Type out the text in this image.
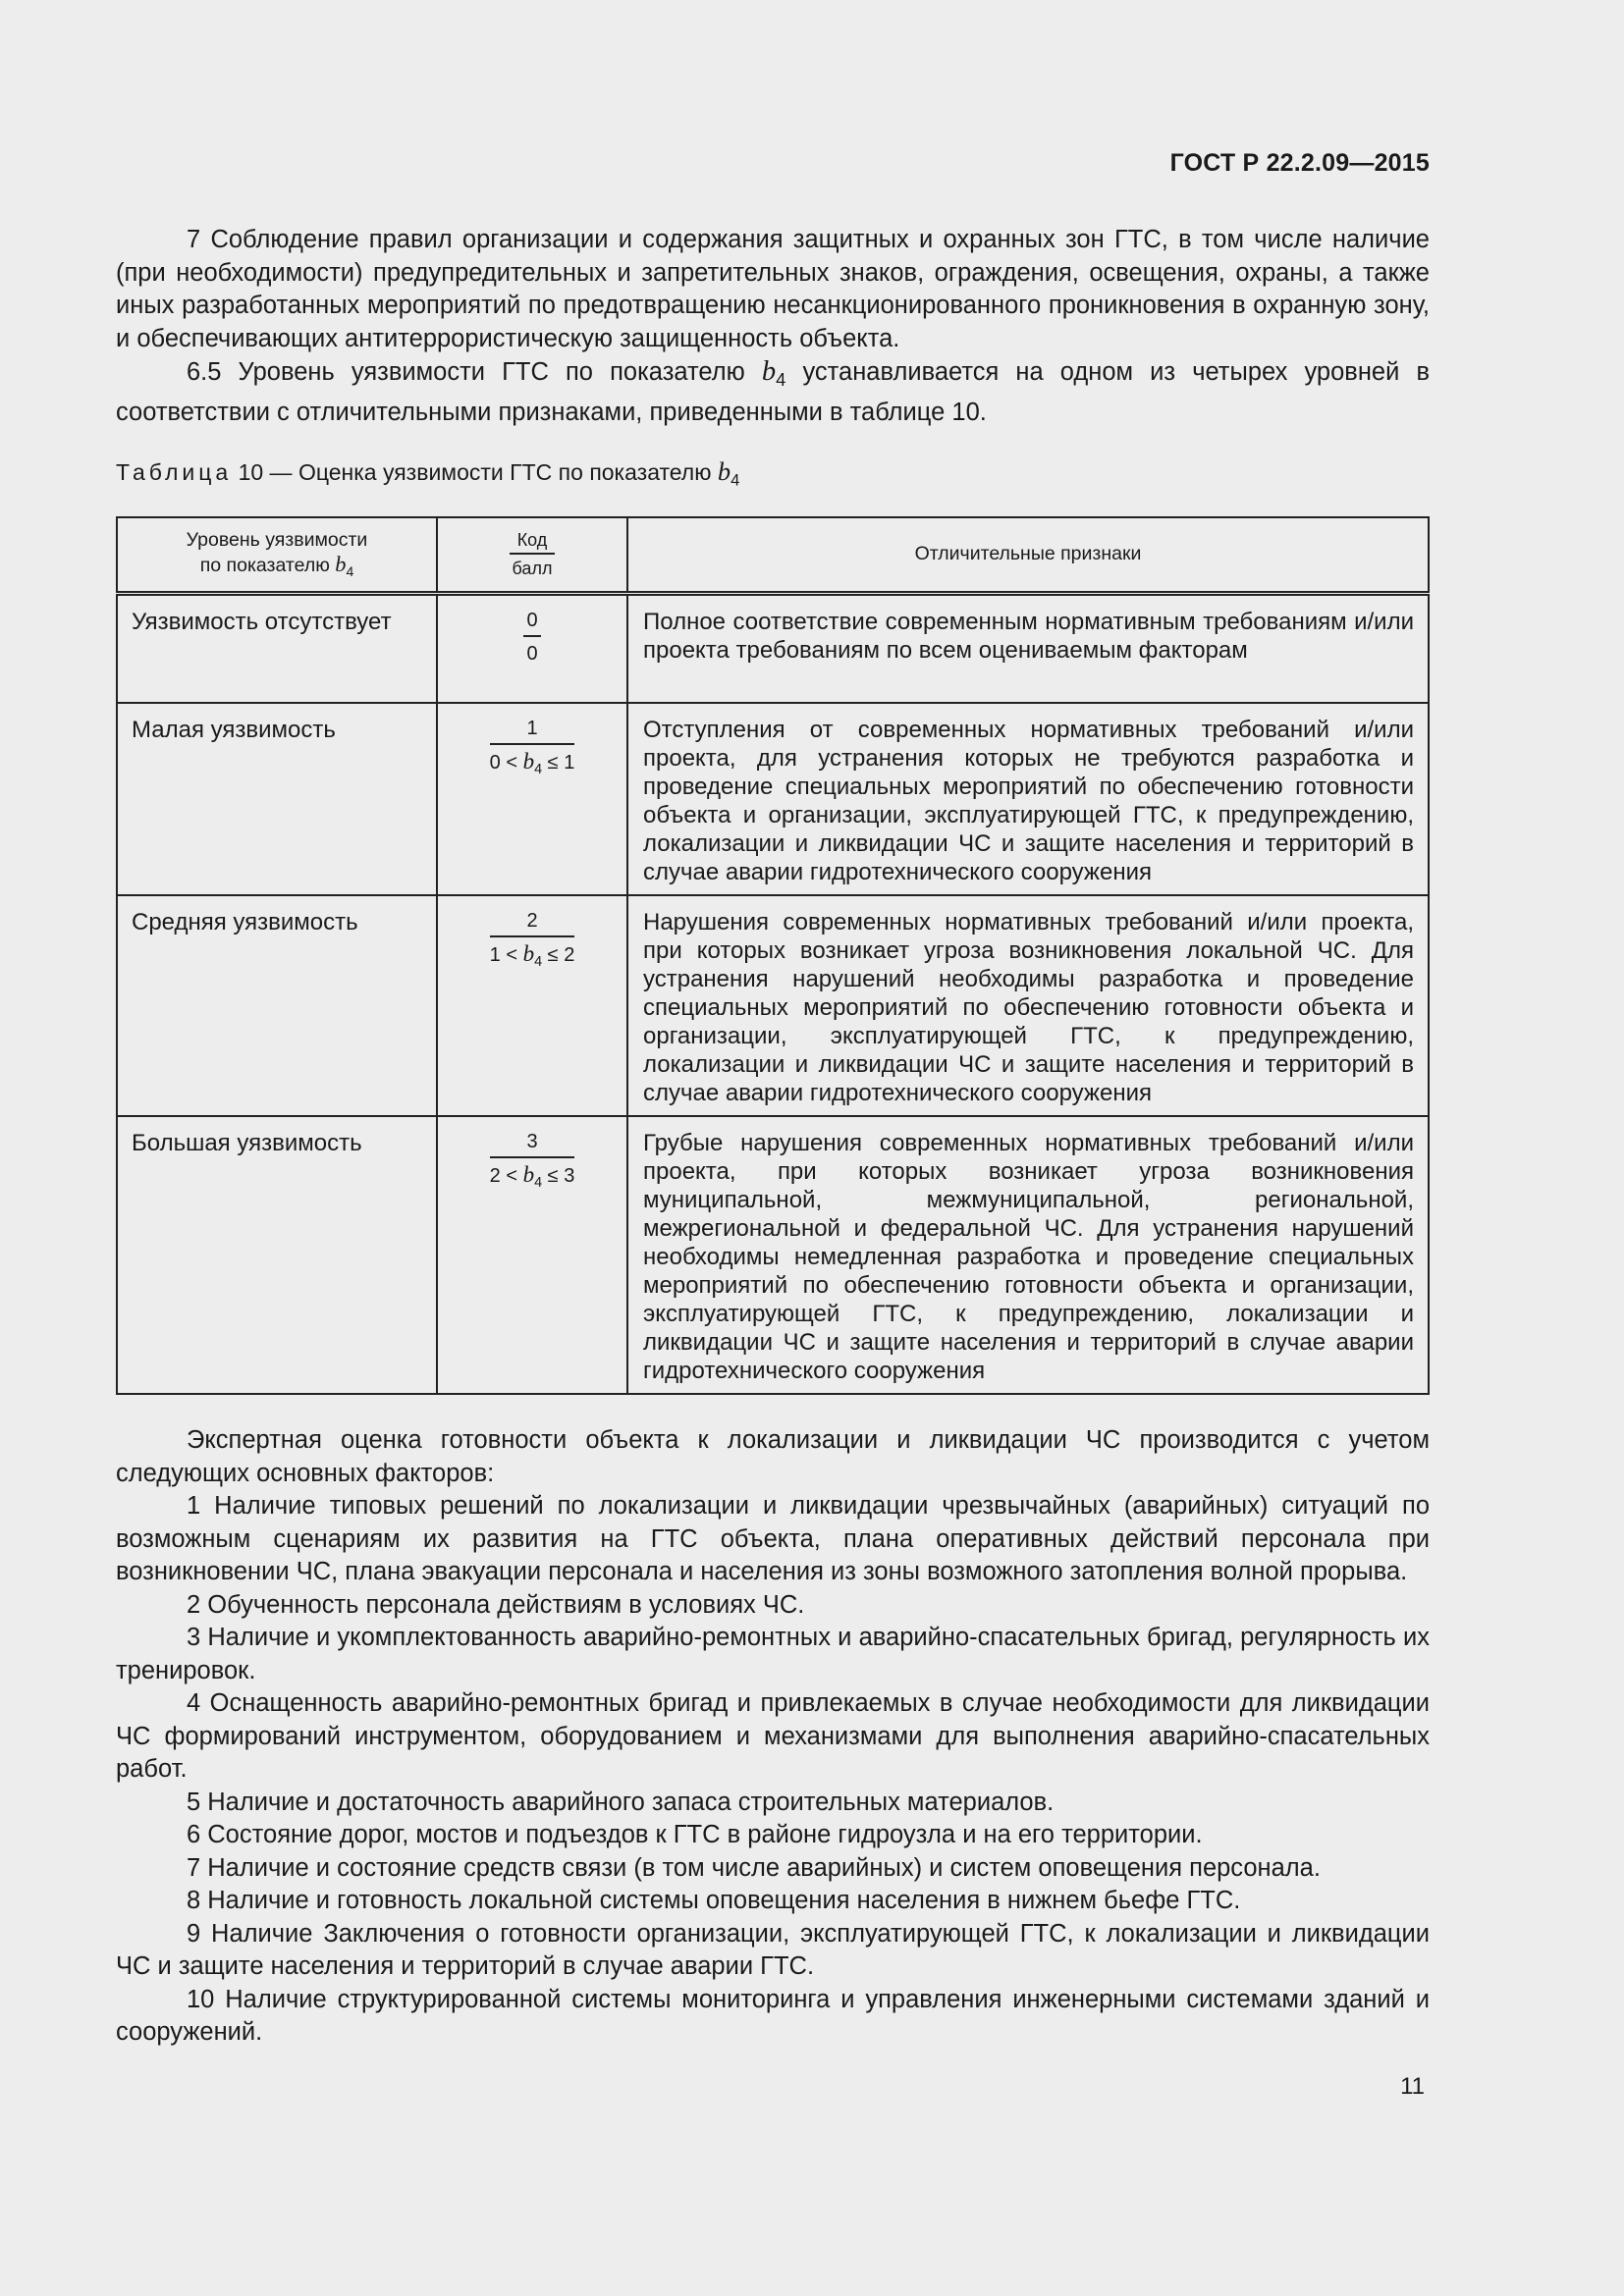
ГОСТ Р 22.2.09—2015

7 Соблюдение правил организации и содержания защитных и охранных зон ГТС, в том числе наличие (при необходимости) предупредительных и запретительных знаков, ограждения, освещения, охраны, а также иных разработанных мероприятий по предотвращению несанкционированного проникновения в охранную зону, и обеспечивающих антитеррористическую защищенность объекта.

6.5 Уровень уязвимости ГТС по показателю $b_4$ устанавливается на одном из четырех уровней в соответствии с отличительными признаками, приведенными в таблице 10.

Таблица 10 — Оценка уязвимости ГТС по показателю $b_4$
Уровень уязвимости
по показателю $b_4$	$\frac{\text{Код}}{\text{балл}}$	Отличительные признаки
Уязвимость отсутствует	$\frac{0}{0}$	Полное соответствие современным нормативным требованиям и/или проекта требованиям по всем оцениваемым факторам
Малая уязвимость	$\frac{1}{0 < b_4 \le 1}$	Отступления от современных нормативных требований и/или проекта, для устранения которых не требуются разработка и проведение специальных мероприятий по обеспечению готовности объекта и организации, эксплуатирующей ГТС, к предупреждению, локализации и ликвидации ЧС и защите населения и территорий в случае аварии гидротехнического сооружения
Средняя уязвимость	$\frac{2}{1 < b_4 \le 2}$	Нарушения современных нормативных требований и/или проекта, при которых возникает угроза возникновения локальной ЧС. Для устранения нарушений необходимы разработка и проведение специальных мероприятий по обеспечению готовности объекта и организации, эксплуатирующей ГТС, к предупреждению, локализации и ликвидации ЧС и защите населения и территорий в случае аварии гидротехнического сооружения
Большая уязвимость	$\frac{3}{2 < b_4 \le 3}$	Грубые нарушения современных нормативных требований и/или проекта, при которых возникает угроза возникновения муниципальной, межмуниципальной, региональной, межрегиональной и федеральной ЧС. Для устранения нарушений необходимы немедленная разработка и проведение специальных мероприятий по обеспечению готовности объекта и организации, эксплуатирующей ГТС, к предупреждению, локализации и ликвидации ЧС и защите населения и территорий в случае аварии гидротехнического сооружения

Экспертная оценка готовности объекта к локализации и ликвидации ЧС производится с учетом следующих основных факторов:

1 Наличие типовых решений по локализации и ликвидации чрезвычайных (аварийных) ситуаций по возможным сценариям их развития на ГТС объекта, плана оперативных действий персонала при возникновении ЧС, плана эвакуации персонала и населения из зоны возможного затопления волной прорыва.

2 Обученность персонала действиям в условиях ЧС.

3 Наличие и укомплектованность аварийно-ремонтных и аварийно-спасательных бригад, регулярность их тренировок.

4 Оснащенность аварийно-ремонтных бригад и привлекаемых в случае необходимости для ликвидации ЧС формирований инструментом, оборудованием и механизмами для выполнения аварийно-спасательных работ.

5 Наличие и достаточность аварийного запаса строительных материалов.

6 Состояние дорог, мостов и подъездов к ГТС в районе гидроузла и на его территории.

7 Наличие и состояние средств связи (в том числе аварийных) и систем оповещения персонала.

8 Наличие и готовность локальной системы оповещения населения в нижнем бьефе ГТС.

9 Наличие Заключения о готовности организации, эксплуатирующей ГТС, к локализации и ликвидации ЧС и защите населения и территорий в случае аварии ГТС.

10 Наличие структурированной системы мониторинга и управления инженерными системами зданий и сооружений.

11
